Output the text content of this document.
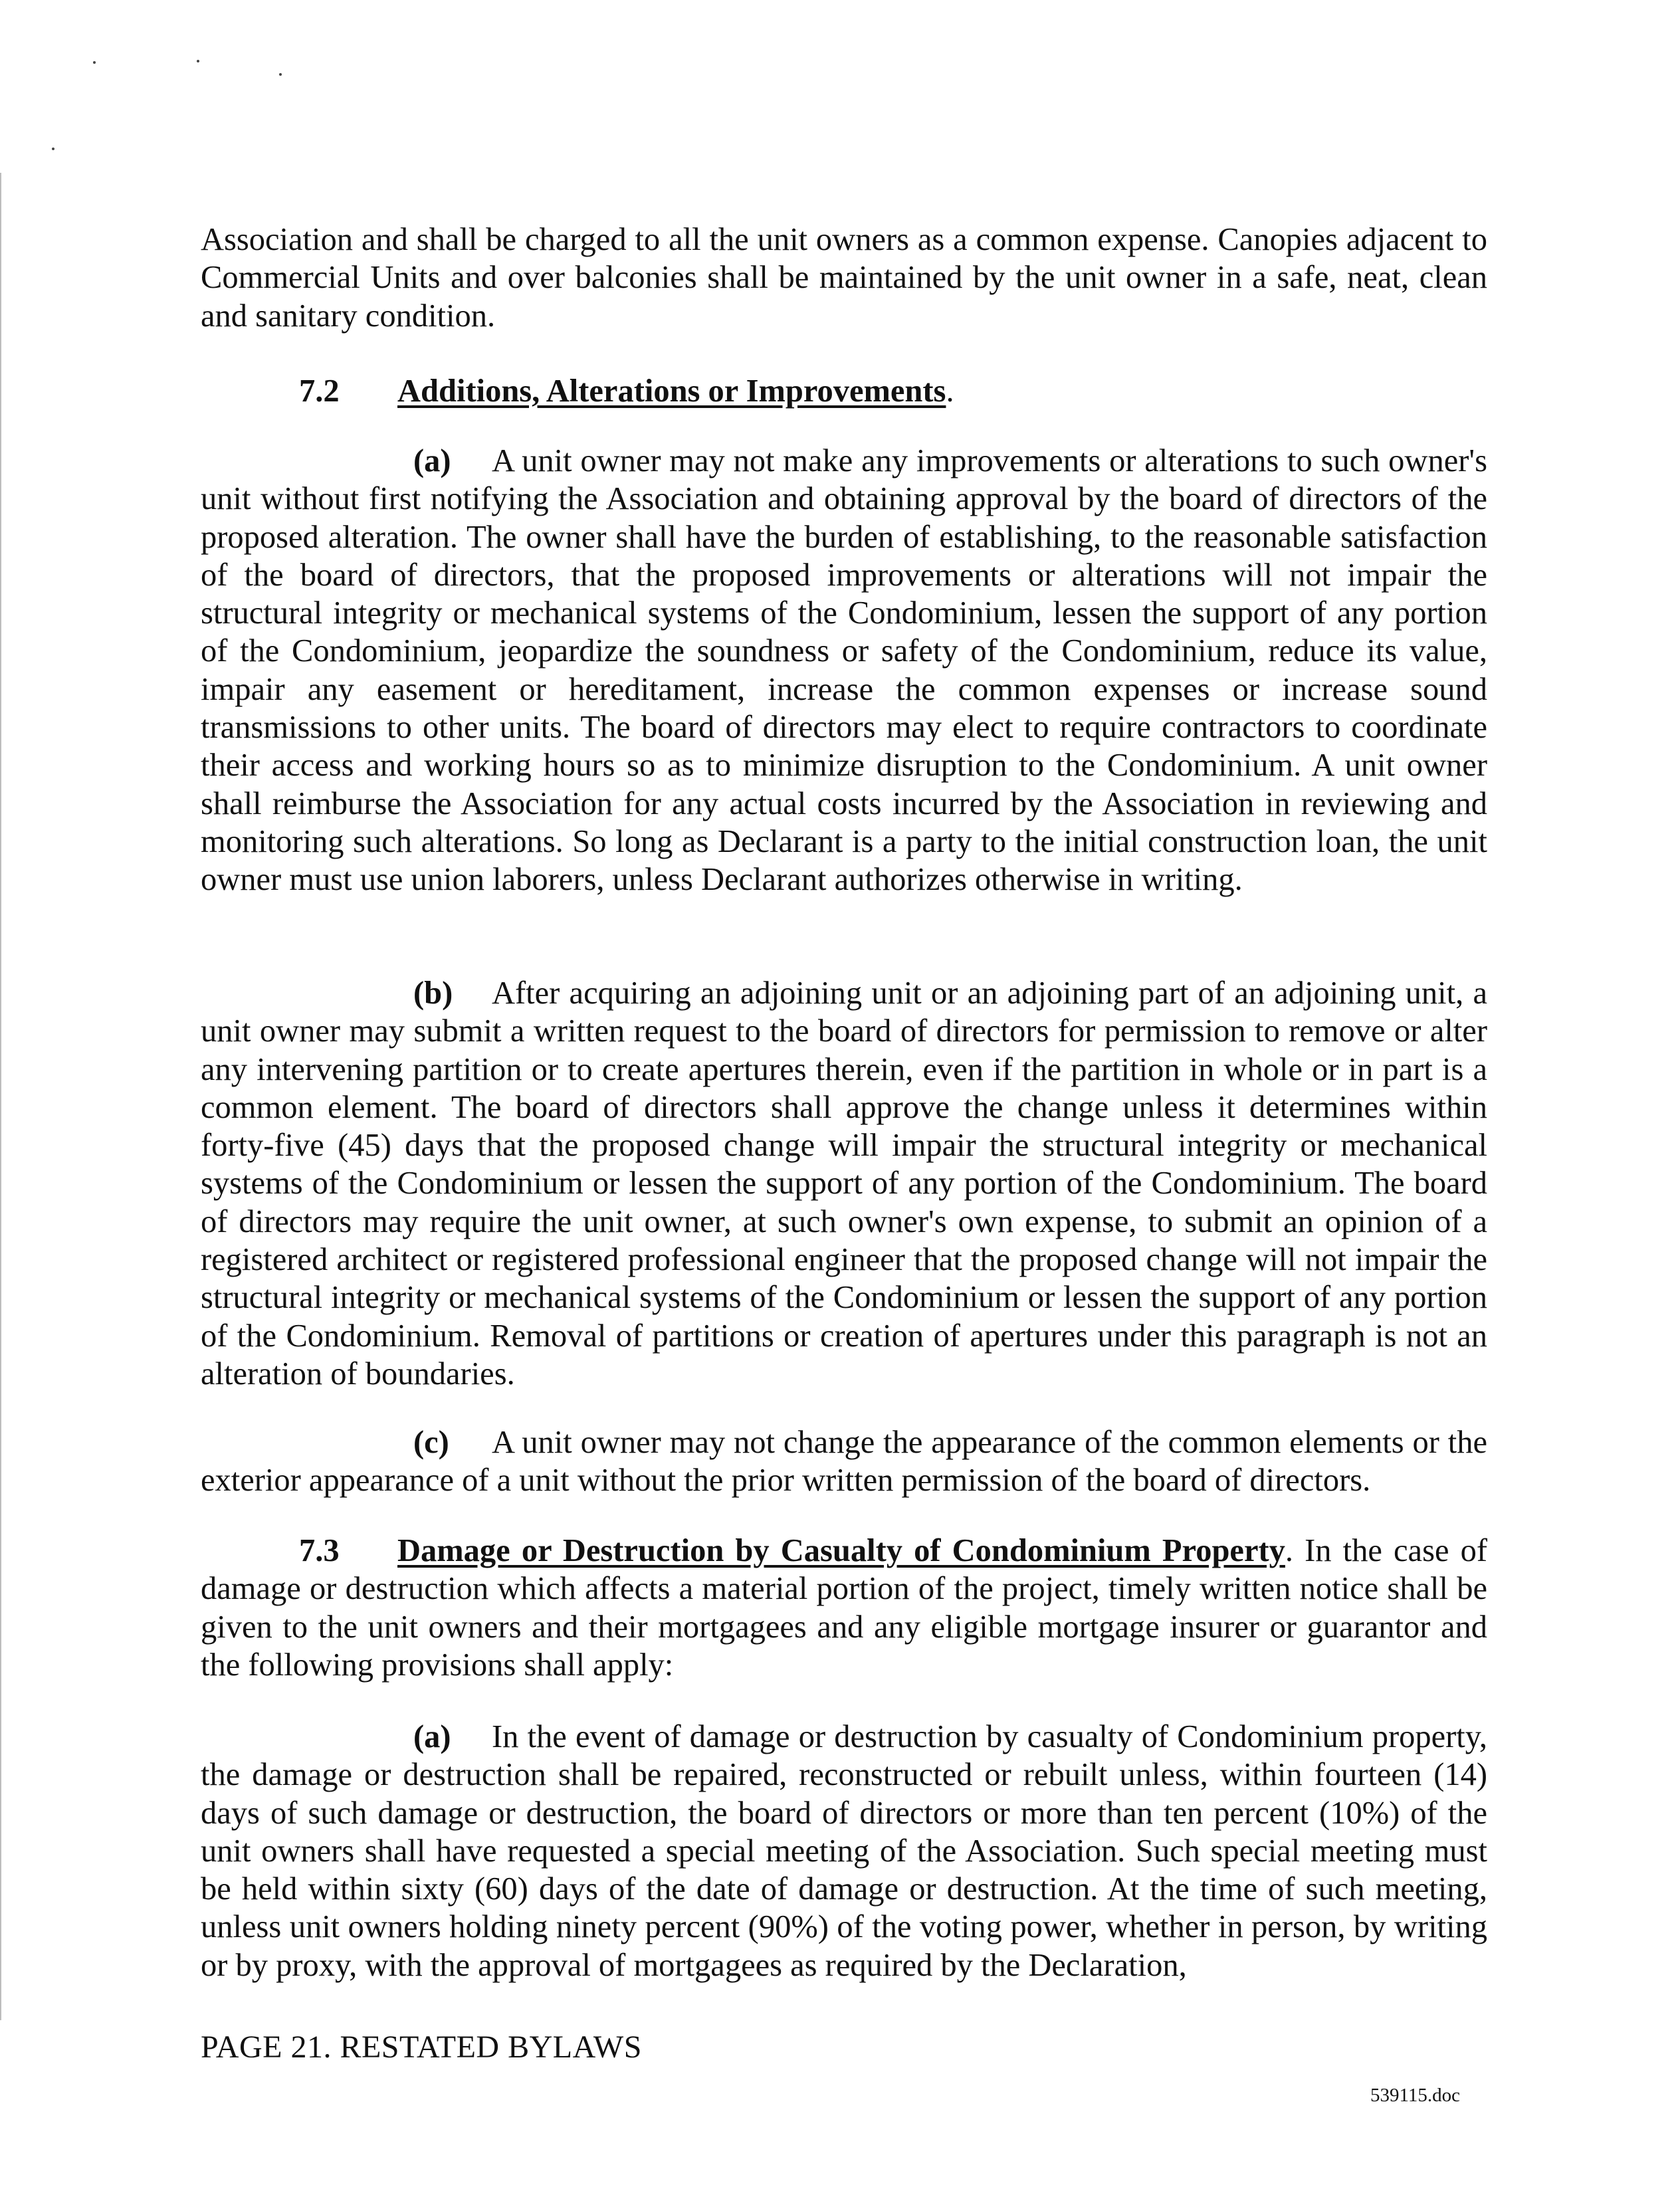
Association and shall be charged to all the unit owners as a common expense. Canopies adjacent to Commercial Units and over balconies shall be maintained by the unit owner in a safe, neat, clean and sanitary condition.

7.2 Additions, Alterations or Improvements.

(a) A unit owner may not make any improvements or alterations to such owner's unit without first notifying the Association and obtaining approval by the board of directors of the proposed alteration. The owner shall have the burden of establishing, to the reasonable satisfaction of the board of directors, that the proposed improvements or alterations will not impair the structural integrity or mechanical systems of the Condominium, lessen the support of any portion of the Condominium, jeopardize the soundness or safety of the Condominium, reduce its value, impair any easement or hereditament, increase the common expenses or increase sound transmissions to other units. The board of directors may elect to require contractors to coordinate their access and working hours so as to minimize disruption to the Condominium. A unit owner shall reimburse the Association for any actual costs incurred by the Association in reviewing and monitoring such alterations. So long as Declarant is a party to the initial construction loan, the unit owner must use union laborers, unless Declarant authorizes otherwise in writing.

(b) After acquiring an adjoining unit or an adjoining part of an adjoining unit, a unit owner may submit a written request to the board of directors for permission to remove or alter any intervening partition or to create apertures therein, even if the partition in whole or in part is a common element. The board of directors shall approve the change unless it determines within forty-five (45) days that the proposed change will impair the structural integrity or mechanical systems of the Condominium or lessen the support of any portion of the Condominium. The board of directors may require the unit owner, at such owner's own expense, to submit an opinion of a registered architect or registered professional engineer that the proposed change will not impair the structural integrity or mechanical systems of the Condominium or lessen the support of any portion of the Condominium. Removal of partitions or creation of apertures under this paragraph is not an alteration of boundaries.

(c) A unit owner may not change the appearance of the common elements or the exterior appearance of a unit without the prior written permission of the board of directors.

7.3 Damage or Destruction by Casualty of Condominium Property. In the case of damage or destruction which affects a material portion of the project, timely written notice shall be given to the unit owners and their mortgagees and any eligible mortgage insurer or guarantor and the following provisions shall apply:

(a) In the event of damage or destruction by casualty of Condominium property, the damage or destruction shall be repaired, reconstructed or rebuilt unless, within fourteen (14) days of such damage or destruction, the board of directors or more than ten percent (10%) of the unit owners shall have requested a special meeting of the Association. Such special meeting must be held within sixty (60) days of the date of damage or destruction. At the time of such meeting, unless unit owners holding ninety percent (90%) of the voting power, whether in person, by writing or by proxy, with the approval of mortgagees as required by the Declaration,

PAGE 21. RESTATED BYLAWS

539115.doc
